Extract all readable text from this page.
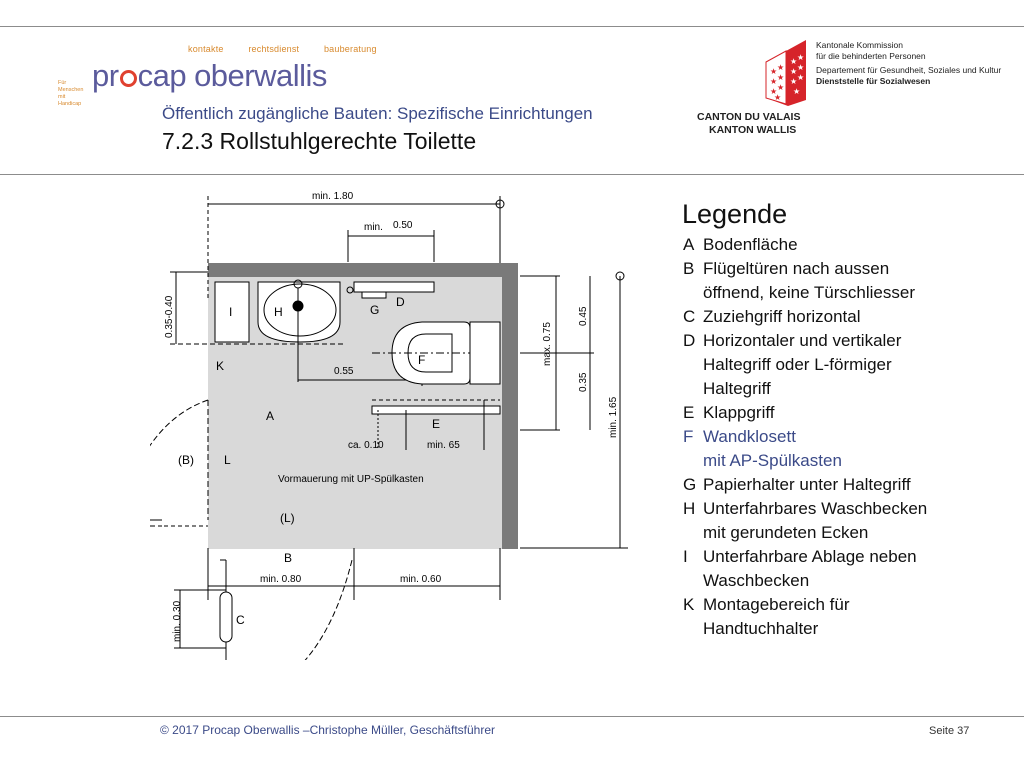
kontakte	rechtsdienst	bauberatung
Für Menschen mit Handicap
pr cap oberwallis
Öffentlich zugängliche Bauten: Spezifische Einrichtungen
7.2.3 Rollstuhlgerechte Toilette
★ ★
★ ★
★ ★
★
★ ★
★ ★
★ ★
★
CANTON DU VALAIS
KANTON WALLIS
Kantonale Kommission
für die behinderten Personen
Departement für Gesundheit, Soziales und Kultur
Dienststelle für Sozialwesen
min. 1.80
min. 0.50
0.35-0.40
0.55
max. 0.75
0.45
0.35
min. 1.65
ca. 0.10	min. 65
min. 0.80	min. 0.60
min. 0.30
Vormauerung mit UP-Spülkasten
A
B
C
D
E
F
G
H
I
K
L
(B)
(L)
Legende
A Bodenfläche
B Flügeltüren nach aussen
öffnend, keine Türschliesser
C Zuziehgriff horizontal
D Horizontaler und vertikaler
Haltegriff oder L-förmiger
Haltegriff
E Klappgriff
F Wandklosett
mit AP-Spülkasten
G Papierhalter unter Haltegriff
H Unterfahrbares Waschbecken
mit gerundeten Ecken
I Unterfahrbare Ablage neben
Waschbecken
K Montagebereich für
Handtuchhalter
© 2017 Procap Oberwallis –Christophe Müller, Geschäftsführer	Seite 37
